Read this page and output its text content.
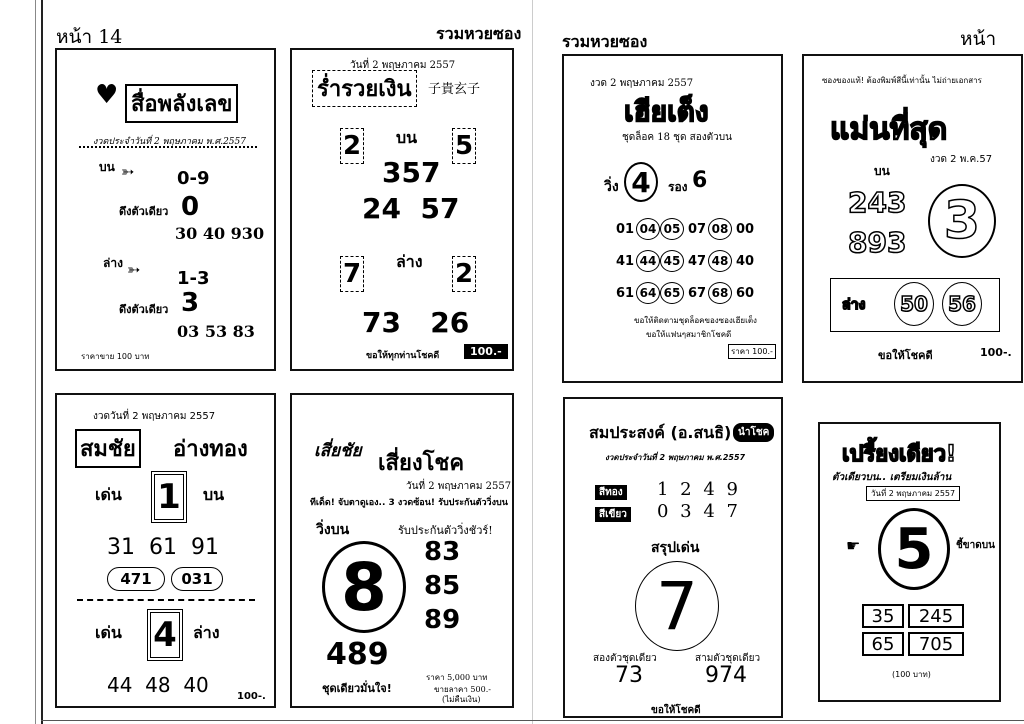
หน้า 14	รวมหวยซอง	รวมหวยซอง	หน้า
♥ สื่อพลังเลข
งวดประจำวันที่ 2 พฤษภาคม พ.ศ.2557
บน ➳ 0-9
ดึงตัวเดียว 0
30 40 930
ล่าง ➳ 1-3
ดึงตัวเดียว 3
03 53 83
ราคาขาย 100 บาท
วันที่ 2 พฤษภาคม 2557
ร่ำรวยเงิน	子貴玄子
2 บน 5
357
24  57
7 ล่าง 2
73   26
ขอให้ทุกท่านโชคดี	100.-
งวด 2 พฤษภาคม 2557
เฮียเต็ง
ชุดล็อค 18 ชุด สองตัวบน
วิ่ง 4	รอง 6
01 04 05 07 08 00
41 44 45 47 48 40
61 64 65 67 68 60
ขอให้ติดตามชุดล็อคของซองเฮียเต็ง
ขอให้แฟนๆสมาชิกโชคดี
ราคา 100.-
ซองของแท้! ต้องพิมพ์สีนี้เท่านั้น ไม่ถ่ายเอกสาร
แม่นที่สุด
บน
งวด 2 พ.ค.57
243
893 3
ล่าง	50	56
ขอให้โชคดี	100-.
งวดวันที่ 2 พฤษภาคม 2557
สมชัย อ่างทอง
เด่น 1	บน
31  61  91
471	031
เด่น 4	ล่าง
44  48  40	100-.
เสี่ยชัย เสี่ยงโชค
วันที่ 2 พฤษภาคม 2557
ทีเด็ด! จับตาดูเอง.. 3 งวดซ้อน! รับประกันตัววิ่งบน
วิ่งบน	รับประกันตัววิ่งชัวร์!
8	83
85
89
489
ชุดเดียวมั่นใจ!
ราคา 5,000 บาท
ขายลาคา 500.-
(ไม่คืนเงิน)
สมประสงค์ (อ.สนธิ) นำโชค
งวดประจำวันที่ 2 พฤษภาคม พ.ศ.2557
สีทอง 1 2 4 9
สีเขียว 0 3 4 7
สรุปเด่น
7
สองตัวชุดเดียว	สามตัวชุดเดียว
73	974
ขอให้โชคดี
เปรี้ยงเดียว!
ตัวเดียวบน.. เตรียมเงินล้าน
วันที่ 2 พฤษภาคม 2557
☛ 5	ชี้ขาดบน
35	245
65	705
(100 บาท)
